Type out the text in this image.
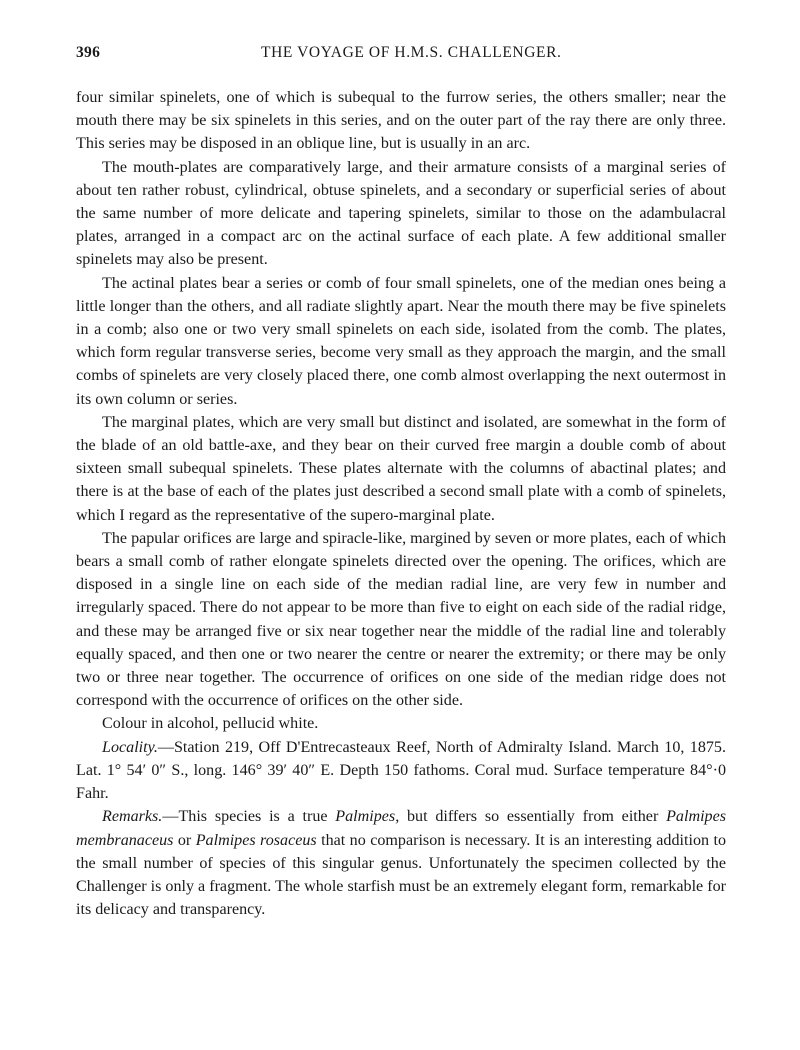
396	THE VOYAGE OF H.M.S. CHALLENGER.

four similar spinelets, one of which is subequal to the furrow series, the others smaller; near the mouth there may be six spinelets in this series, and on the outer part of the ray there are only three. This series may be disposed in an oblique line, but is usually in an arc.

The mouth-plates are comparatively large, and their armature consists of a marginal series of about ten rather robust, cylindrical, obtuse spinelets, and a secondary or superficial series of about the same number of more delicate and tapering spinelets, similar to those on the adambulacral plates, arranged in a compact arc on the actinal surface of each plate. A few additional smaller spinelets may also be present.

The actinal plates bear a series or comb of four small spinelets, one of the median ones being a little longer than the others, and all radiate slightly apart. Near the mouth there may be five spinelets in a comb; also one or two very small spinelets on each side, isolated from the comb. The plates, which form regular transverse series, become very small as they approach the margin, and the small combs of spinelets are very closely placed there, one comb almost overlapping the next outermost in its own column or series.

The marginal plates, which are very small but distinct and isolated, are somewhat in the form of the blade of an old battle-axe, and they bear on their curved free margin a double comb of about sixteen small subequal spinelets. These plates alternate with the columns of abactinal plates; and there is at the base of each of the plates just described a second small plate with a comb of spinelets, which I regard as the representative of the supero-marginal plate.

The papular orifices are large and spiracle-like, margined by seven or more plates, each of which bears a small comb of rather elongate spinelets directed over the opening. The orifices, which are disposed in a single line on each side of the median radial line, are very few in number and irregularly spaced. There do not appear to be more than five to eight on each side of the radial ridge, and these may be arranged five or six near together near the middle of the radial line and tolerably equally spaced, and then one or two nearer the centre or nearer the extremity; or there may be only two or three near together. The occurrence of orifices on one side of the median ridge does not correspond with the occurrence of orifices on the other side.

Colour in alcohol, pellucid white.

Locality.—Station 219, Off D'Entrecasteaux Reef, North of Admiralty Island. March 10, 1875. Lat. 1° 54′ 0″ S., long. 146° 39′ 40″ E. Depth 150 fathoms. Coral mud. Surface temperature 84°·0 Fahr.

Remarks.—This species is a true Palmipes, but differs so essentially from either Palmipes membranaceus or Palmipes rosaceus that no comparison is necessary. It is an interesting addition to the small number of species of this singular genus. Unfortunately the specimen collected by the Challenger is only a fragment. The whole starfish must be an extremely elegant form, remarkable for its delicacy and transparency.
